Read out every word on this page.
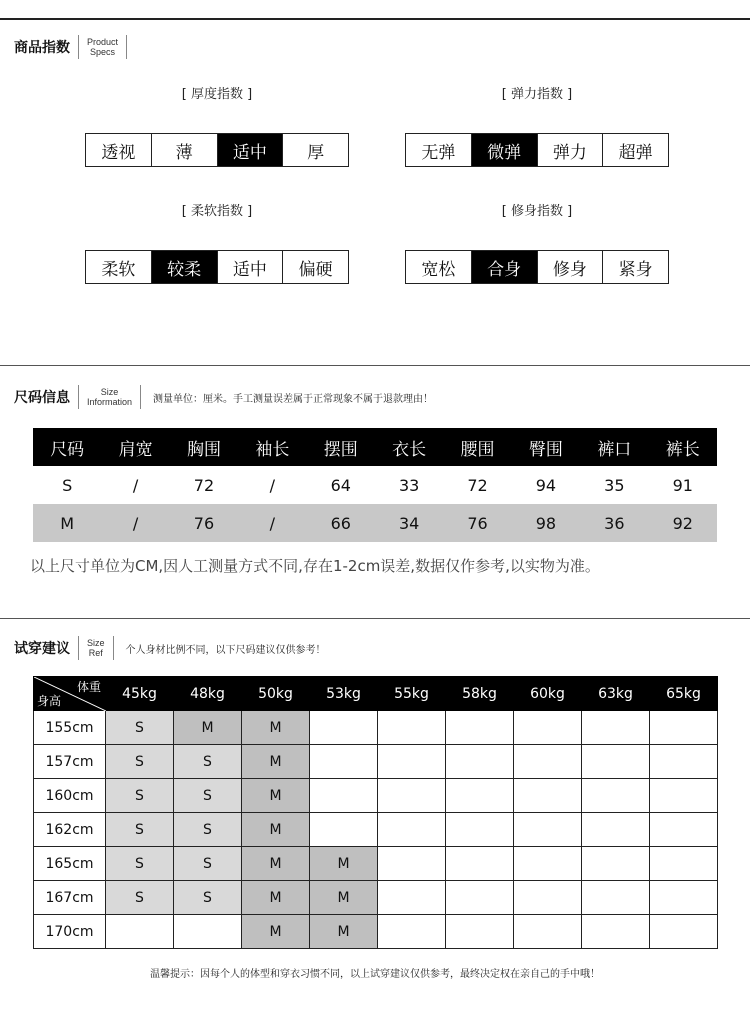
商品指数 Product
Specs
[ 厚度指数 ]
透视	薄	适中	厚
[ 弹力指数 ]
无弹	微弹	弹力	超弹
[ 柔软指数 ]
柔软	较柔	适中	偏硬
[ 修身指数 ]
宽松	合身	修身	紧身
尺码信息	Size
Information 测量单位：厘米。手工测量误差属于正常现象不属于退款理由！
尺码	肩宽	胸围	袖长	摆围	衣长	腰围	臀围	裤口	裤长
S	/	72	/	64	33	72	94	35	91
M	/	76	/	66	34	76	98	36	92
以上尺寸单位为CM,因人工测量方式不同,存在1-2cm误差,数据仅作参考,以实物为准。
试穿建议 Size
Ref 个人身材比例不同，以下尺码建议仅供参考！
体重
身高	45kg	48kg	50kg	53kg	55kg	58kg	60kg	63kg	65kg
155cm	S	M	M						
157cm	S	S	M						
160cm	S	S	M						
162cm	S	S	M						
165cm	S	S	M	M					
167cm	S	S	M	M					
170cm			M	M					
温馨提示：因每个人的体型和穿衣习惯不同，以上试穿建议仅供参考，最终决定权在亲自己的手中哦！
